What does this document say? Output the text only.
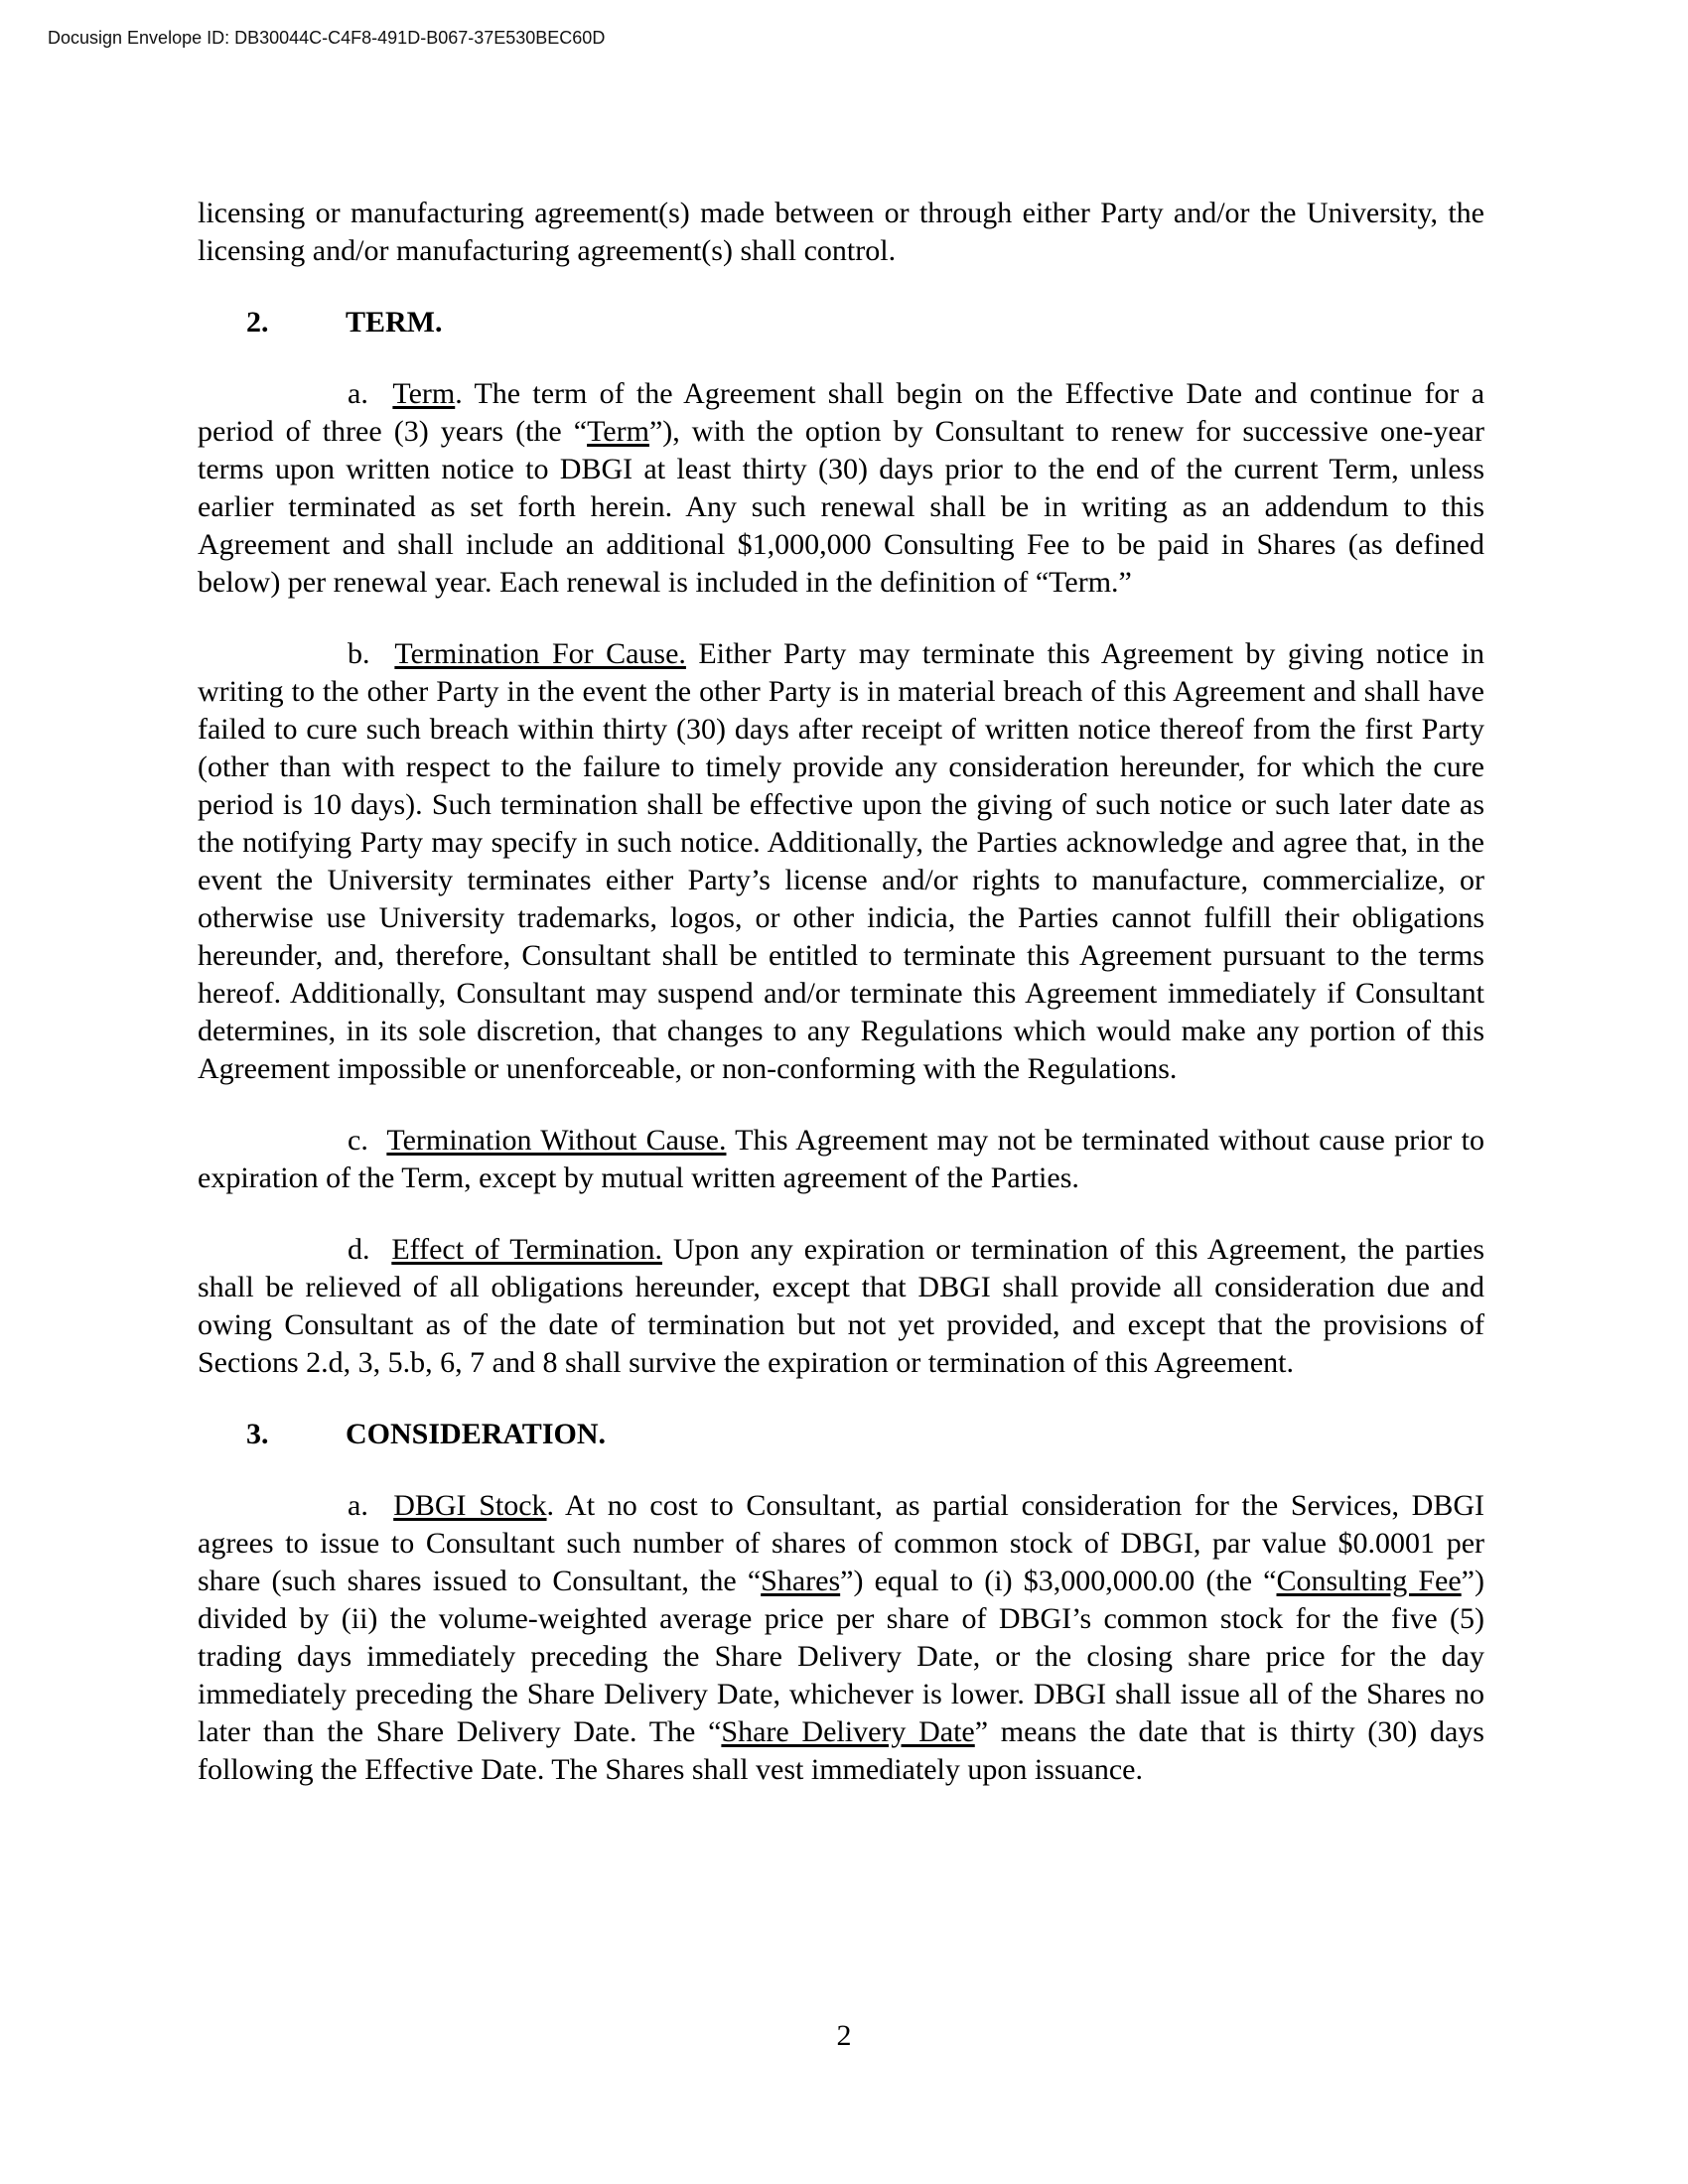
Docusign Envelope ID: DB30044C-C4F8-491D-B067-37E530BEC60D

licensing or manufacturing agreement(s) made between or through either Party and/or the University, the licensing and/or manufacturing agreement(s) shall control.

2.	TERM.

a. Term. The term of the Agreement shall begin on the Effective Date and continue for a period of three (3) years (the “Term”), with the option by Consultant to renew for successive one-year terms upon written notice to DBGI at least thirty (30) days prior to the end of the current Term, unless earlier terminated as set forth herein. Any such renewal shall be in writing as an addendum to this Agreement and shall include an additional $1,000,000 Consulting Fee to be paid in Shares (as defined below) per renewal year. Each renewal is included in the definition of “Term.”

b. Termination For Cause. Either Party may terminate this Agreement by giving notice in writing to the other Party in the event the other Party is in material breach of this Agreement and shall have failed to cure such breach within thirty (30) days after receipt of written notice thereof from the first Party (other than with respect to the failure to timely provide any consideration hereunder, for which the cure period is 10 days). Such termination shall be effective upon the giving of such notice or such later date as the notifying Party may specify in such notice. Additionally, the Parties acknowledge and agree that, in the event the University terminates either Party’s license and/or rights to manufacture, commercialize, or otherwise use University trademarks, logos, or other indicia, the Parties cannot fulfill their obligations hereunder, and, therefore, Consultant shall be entitled to terminate this Agreement pursuant to the terms hereof. Additionally, Consultant may suspend and/or terminate this Agreement immediately if Consultant determines, in its sole discretion, that changes to any Regulations which would make any portion of this Agreement impossible or unenforceable, or non-conforming with the Regulations.

c. Termination Without Cause. This Agreement may not be terminated without cause prior to expiration of the Term, except by mutual written agreement of the Parties.

d. Effect of Termination. Upon any expiration or termination of this Agreement, the parties shall be relieved of all obligations hereunder, except that DBGI shall provide all consideration due and owing Consultant as of the date of termination but not yet provided, and except that the provisions of Sections 2.d, 3, 5.b, 6, 7 and 8 shall survive the expiration or termination of this Agreement.

3.	CONSIDERATION.

a. DBGI Stock. At no cost to Consultant, as partial consideration for the Services, DBGI agrees to issue to Consultant such number of shares of common stock of DBGI, par value $0.0001 per share (such shares issued to Consultant, the “Shares”) equal to (i) $3,000,000.00 (the “Consulting Fee”) divided by (ii) the volume-weighted average price per share of DBGI’s common stock for the five (5) trading days immediately preceding the Share Delivery Date, or the closing share price for the day immediately preceding the Share Delivery Date, whichever is lower. DBGI shall issue all of the Shares no later than the Share Delivery Date. The “Share Delivery Date” means the date that is thirty (30) days following the Effective Date. The Shares shall vest immediately upon issuance.

2
